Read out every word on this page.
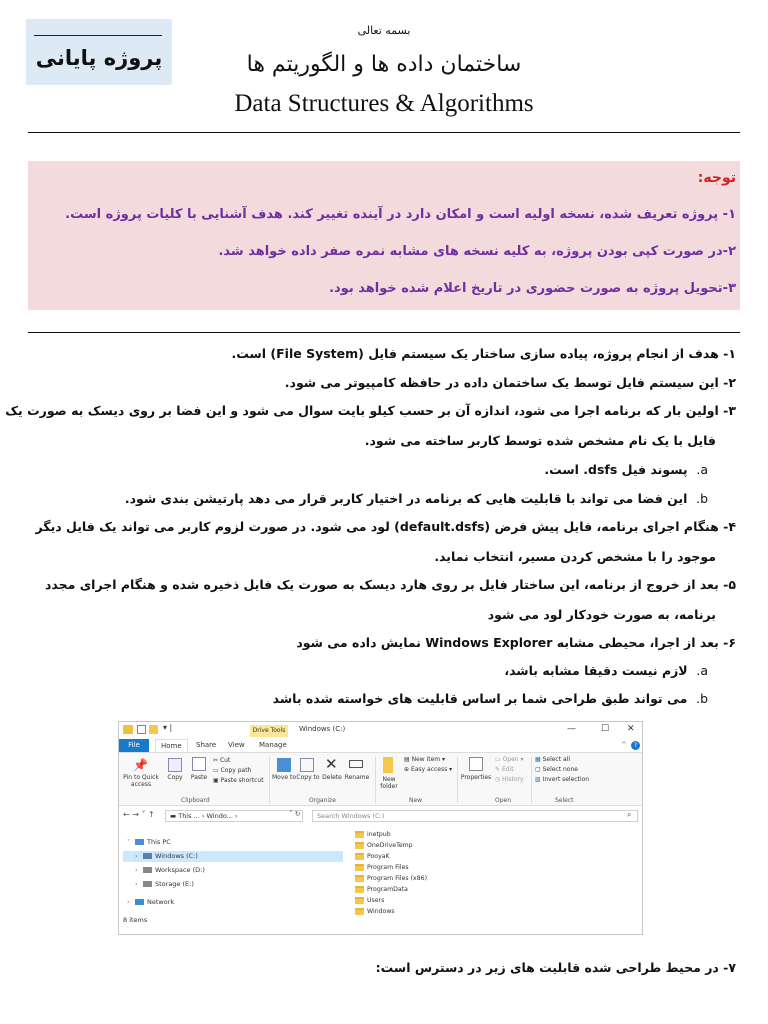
پروژه پایانی
بسمه تعالی
ساختمان داده ها و الگوریتم ها
Data Structures & Algorithms
توجه:
۱- پروژه تعریف شده، نسخه اولیه است و امکان دارد در آینده تغییر کند. هدف آشنایی با کلیات پروژه است.
۲-در صورت کپی بودن پروژه، به کلیه نسخه های مشابه نمره صفر داده خواهد شد.
۳-تحویل پروژه به صورت حضوری در تاریخ اعلام شده خواهد بود.
۱- هدف از انجام پروژه، پیاده سازی ساختار یک سیستم فایل (File System) است.
۲- این سیستم فایل توسط یک ساختمان داده در حافظه کامپیوتر می شود.
۳- اولین بار که برنامه اجرا می شود، اندازه آن بر حسب کیلو بایت سوال می شود و این فضا بر روی دیسک به صورت یک
فایل با یک نام مشخص شده توسط کاربر ساخته می شود.
a.  پسوند فیل dsfs. است.
b.  این فضا می تواند با قابلیت هایی که برنامه در اختیار کاربر قرار می دهد پارتیشن بندی شود.
۴- هنگام اجرای برنامه، فایل پیش فرض (default.dsfs) لود می شود. در صورت لزوم کاربر می تواند یک فایل دیگر
موجود را با مشخص کردن مسیر، انتخاب نماید.
۵- بعد از خروج از برنامه، این ساختار فایل بر روی هارد دیسک به صورت یک فایل ذخیره شده و هنگام اجرای مجدد
برنامه، به صورت خودکار لود می شود
۶- بعد از اجرا، محیطی مشابه Windows Explorer نمایش داده می شود
a.  لازم نیست دقیقا مشابه باشد،
b.  می تواند طبق طراحی شما بر اساس قابلیت های خواسته شده باشد
▾ |	Drive Tools	Windows (C:)	—	☐ ✕
File	Home	Share	View	Manage	^	?
📌
Pin to Quick access
Copy	Paste
✂ Cut
▭ Copy path
▣ Paste shortcut
Clipboard
Move to Copy to
✕
Delete Rename
Organize
New folder
▤ New item ▾
⊕ Easy access ▾
New
Properties
▭ Open ▾
✎ Edit
◷ History
Open
▦ Select all
▢ Select none
▧ Invert selection
Select
← → ˅ ↑	▬ This ... › Windo... ›	˅ ↻	Search Windows (C:)	⌕
˅	This PC
›	Windows (C:)
›	Workspace (D:)
›	Storage (E:)
›	Network
8 items
inetpub
OneDriveTemp
PooyaK
Program Files
Program Files (x86)
ProgramData
Users
Windows
۷- در محیط طراحی شده قابلیت های زیر در دسترس است:
